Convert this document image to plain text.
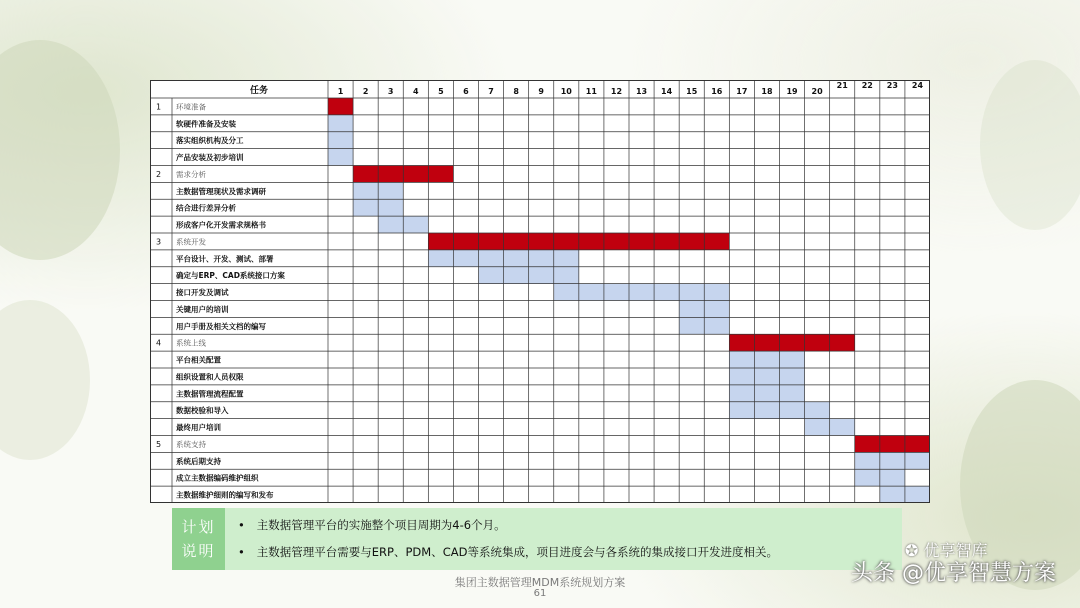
任务	1 2 3 4 5 6 7 8 9 10 11 12 13 14 15 16 17 18 19 20
21 22 23 24
1 环境准备
软硬件准备及安装
落实组织机构及分工
产品安装及初步培训
2 需求分析
主数据管理现状及需求调研
结合进行差异分析
形成客户化开发需求规格书
3 系统开发
平台设计、开发、测试、部署
确定与ERP、CAD系统接口方案
接口开发及调试
关键用户的培训
用户手册及相关文档的编写
4 系统上线
平台相关配置
组织设置和人员权限
主数据管理流程配置
数据校验和导入
最终用户培训
5 系统支持
系统后期支持
成立主数据编码维护组织
主数据维护细则的编写和发布
计划
说明
• 主数据管理平台的实施整个项目周期为4-6个月。
• 主数据管理平台需要与ERP、PDM、CAD等系统集成，项目进度会与各系统的集成接口开发进度相关。	✪ 优享智库
集团主数据管理MDM系统规划方案
61
头条 @优享智慧方案
